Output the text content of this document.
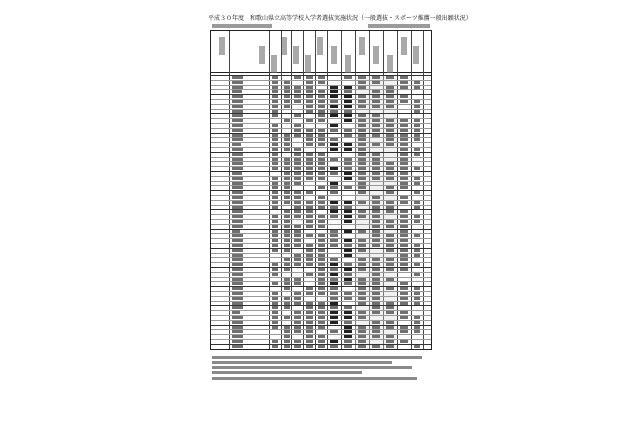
平成３０年度　和歌山県立高等学校入学者選抜実施状況（一般選抜・スポーツ推薦一般出願状況）
